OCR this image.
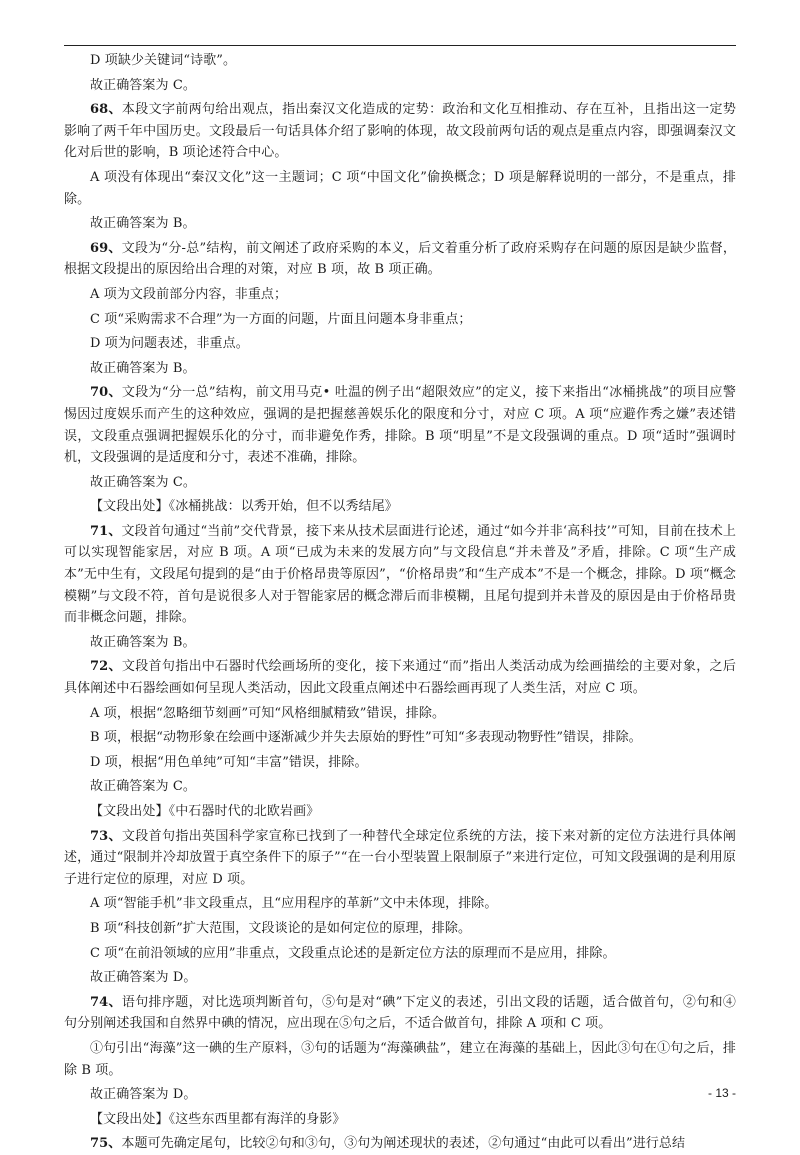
D 项缺少关键词“诗歌”。

故正确答案为 C。

68、本段文字前两句给出观点，指出秦汉文化造成的定势：政治和文化互相推动、存在互补，且指出这一定势影响了两千年中国历史。文段最后一句话具体介绍了影响的体现，故文段前两句话的观点是重点内容，即强调秦汉文化对后世的影响，B 项论述符合中心。

A 项没有体现出“秦汉文化”这一主题词；C 项“中国文化”偷换概念；D 项是解释说明的一部分，不是重点，排除。

故正确答案为 B。

69、文段为“分-总”结构，前文阐述了政府采购的本义，后文着重分析了政府采购存在问题的原因是缺少监督，根据文段提出的原因给出合理的对策，对应 B 项，故 B 项正确。

A 项为文段前部分内容，非重点；

C 项“采购需求不合理”为一方面的问题，片面且问题本身非重点；

D 项为问题表述，非重点。

故正确答案为 B。

70、文段为“分一总”结构，前文用马克• 吐温的例子出“超限效应”的定义，接下来指出“冰桶挑战”的项目应警惕因过度娱乐而产生的这种效应，强调的是把握慈善娱乐化的限度和分寸，对应 C 项。A 项“应避作秀之嫌”表述错误，文段重点强调把握娱乐化的分寸，而非避免作秀，排除。B 项“明星”不是文段强调的重点。D 项“适时”强调时机，文段强调的是适度和分寸，表述不准确，排除。

故正确答案为 C。

【文段出处】《冰桶挑战：以秀开始，但不以秀结尾》

71、文段首句通过“当前”交代背景，接下来从技术层面进行论述，通过“如今并非‘高科技’”可知，目前在技术上可以实现智能家居，对应 B 项。A 项“已成为未来的发展方向”与文段信息“并未普及”矛盾，排除。C 项“生产成本”无中生有，文段尾句提到的是“由于价格昂贵等原因”，“价格昂贵”和“生产成本”不是一个概念，排除。D 项“概念模糊”与文段不符，首句是说很多人对于智能家居的概念滞后而非模糊，且尾句提到并未普及的原因是由于价格昂贵而非概念问题，排除。

故正确答案为 B。

72、文段首句指出中石器时代绘画场所的变化，接下来通过“而”指出人类活动成为绘画描绘的主要对象，之后具体阐述中石器绘画如何呈现人类活动，因此文段重点阐述中石器绘画再现了人类生活，对应 C 项。

A 项，根据“忽略细节刻画”可知“风格细腻精致”错误，排除。

B 项，根据“动物形象在绘画中逐渐减少并失去原始的野性”可知“多表现动物野性”错误，排除。

D 项，根据“用色单纯”可知“丰富”错误，排除。

故正确答案为 C。

【文段出处】《中石器时代的北欧岩画》

73、文段首句指出英国科学家宣称已找到了一种替代全球定位系统的方法，接下来对新的定位方法进行具体阐述，通过“限制并冷却放置于真空条件下的原子”“在一台小型装置上限制原子”来进行定位，可知文段强调的是利用原子进行定位的原理，对应 D 项。

A 项“智能手机”非文段重点，且“应用程序的革新”文中未体现，排除。

B 项“科技创新”扩大范围，文段谈论的是如何定位的原理，排除。

C 项“在前沿领域的应用”非重点，文段重点论述的是新定位方法的原理而不是应用，排除。

故正确答案为 D。

74、语句排序题，对比选项判断首句，⑤句是对“碘”下定义的表述，引出文段的话题，适合做首句，②句和④句分别阐述我国和自然界中碘的情况，应出现在⑤句之后，不适合做首句，排除 A 项和 C 项。

①句引出“海藻”这一碘的生产原料，③句的话题为“海藻碘盐”，建立在海藻的基础上，因此③句在①句之后，排除 B 项。

故正确答案为 D。

【文段出处】《这些东西里都有海洋的身影》

75、本题可先确定尾句，比较②句和③句，③句为阐述现状的表述，②句通过“由此可以看出”进行总结

- 13 -
